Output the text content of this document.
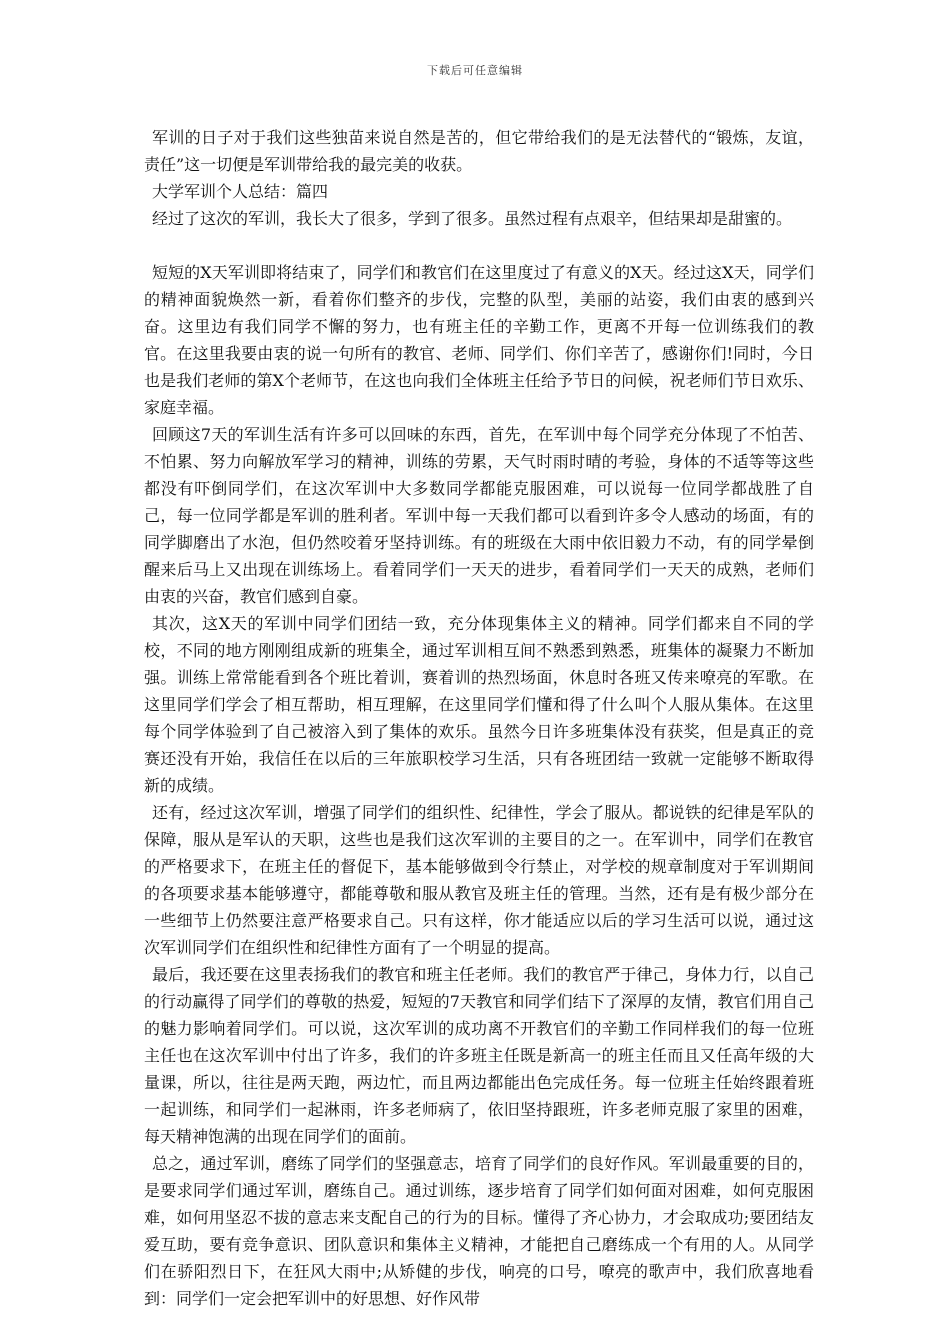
下载后可任意编辑

军训的日子对于我们这些独苗来说自然是苦的，但它带给我们的是无法替代的“锻炼，友谊，责任”这一切便是军训带给我的最完美的收获。

大学军训个人总结：篇四

经过了这次的军训，我长大了很多，学到了很多。虽然过程有点艰辛，但结果却是甜蜜的。

短短的X天军训即将结束了，同学们和教官们在这里度过了有意义的X天。经过这X天，同学们的精神面貌焕然一新，看着你们整齐的步伐，完整的队型，美丽的站姿，我们由衷的感到兴奋。这里边有我们同学不懈的努力，也有班主任的辛勤工作，更离不开每一位训练我们的教官。在这里我要由衷的说一句所有的教官、老师、同学们、你们辛苦了，感谢你们!同时，今日也是我们老师的第X个老师节，在这也向我们全体班主任给予节日的问候，祝老师们节日欢乐、家庭幸福。

回顾这7天的军训生活有许多可以回味的东西，首先，在军训中每个同学充分体现了不怕苦、不怕累、努力向解放军学习的精神，训练的劳累，天气时雨时晴的考验，身体的不适等等这些都没有吓倒同学们，在这次军训中大多数同学都能克服困难，可以说每一位同学都战胜了自己，每一位同学都是军训的胜利者。军训中每一天我们都可以看到许多令人感动的场面，有的同学脚磨出了水泡，但仍然咬着牙坚持训练。有的班级在大雨中依旧毅力不动，有的同学晕倒醒来后马上又出现在训练场上。看着同学们一天天的进步，看着同学们一天天的成熟，老师们由衷的兴奋，教官们感到自豪。

其次，这X天的军训中同学们团结一致，充分体现集体主义的精神。同学们都来自不同的学校，不同的地方刚刚组成新的班集全，通过军训相互间不熟悉到熟悉，班集体的凝聚力不断加强。训练上常常能看到各个班比着训，赛着训的热烈场面，休息时各班又传来嘹亮的军歌。在这里同学们学会了相互帮助，相互理解，在这里同学们懂和得了什么叫个人服从集体。在这里每个同学体验到了自己被溶入到了集体的欢乐。虽然今日许多班集体没有获奖，但是真正的竞赛还没有开始，我信任在以后的三年旅职校学习生活，只有各班团结一致就一定能够不断取得新的成绩。

还有，经过这次军训，增强了同学们的组织性、纪律性，学会了服从。都说铁的纪律是军队的保障，服从是军认的天职，这些也是我们这次军训的主要目的之一。在军训中，同学们在教官的严格要求下，在班主任的督促下，基本能够做到令行禁止，对学校的规章制度对于军训期间的各项要求基本能够遵守，都能尊敬和服从教官及班主任的管理。当然，还有是有极少部分在一些细节上仍然要注意严格要求自己。只有这样，你才能适应以后的学习生活可以说，通过这次军训同学们在组织性和纪律性方面有了一个明显的提高。

最后，我还要在这里表扬我们的教官和班主任老师。我们的教官严于律己，身体力行，以自己的行动赢得了同学们的尊敬的热爱，短短的7天教官和同学们结下了深厚的友情，教官们用自己的魅力影响着同学们。可以说，这次军训的成功离不开教官们的辛勤工作同样我们的每一位班主任也在这次军训中付出了许多，我们的许多班主任既是新高一的班主任而且又任高年级的大量课，所以，往往是两天跑，两边忙，而且两边都能出色完成任务。每一位班主任始终跟着班一起训练，和同学们一起淋雨，许多老师病了，依旧坚持跟班，许多老师克服了家里的困难，每天精神饱满的出现在同学们的面前。

总之，通过军训，磨练了同学们的坚强意志，培育了同学们的良好作风。军训最重要的目的，是要求同学们通过军训，磨练自己。通过训练，逐步培育了同学们如何面对困难，如何克服困难，如何用坚忍不拔的意志来支配自己的行为的目标。懂得了齐心协力，才会取成功;要团结友爱互助，要有竞争意识、团队意识和集体主义精神，才能把自己磨练成一个有用的人。从同学们在骄阳烈日下，在狂风大雨中;从矫健的步伐，响亮的口号，嘹亮的歌声中，我们欣喜地看到：同学们一定会把军训中的好思想、好作风带
